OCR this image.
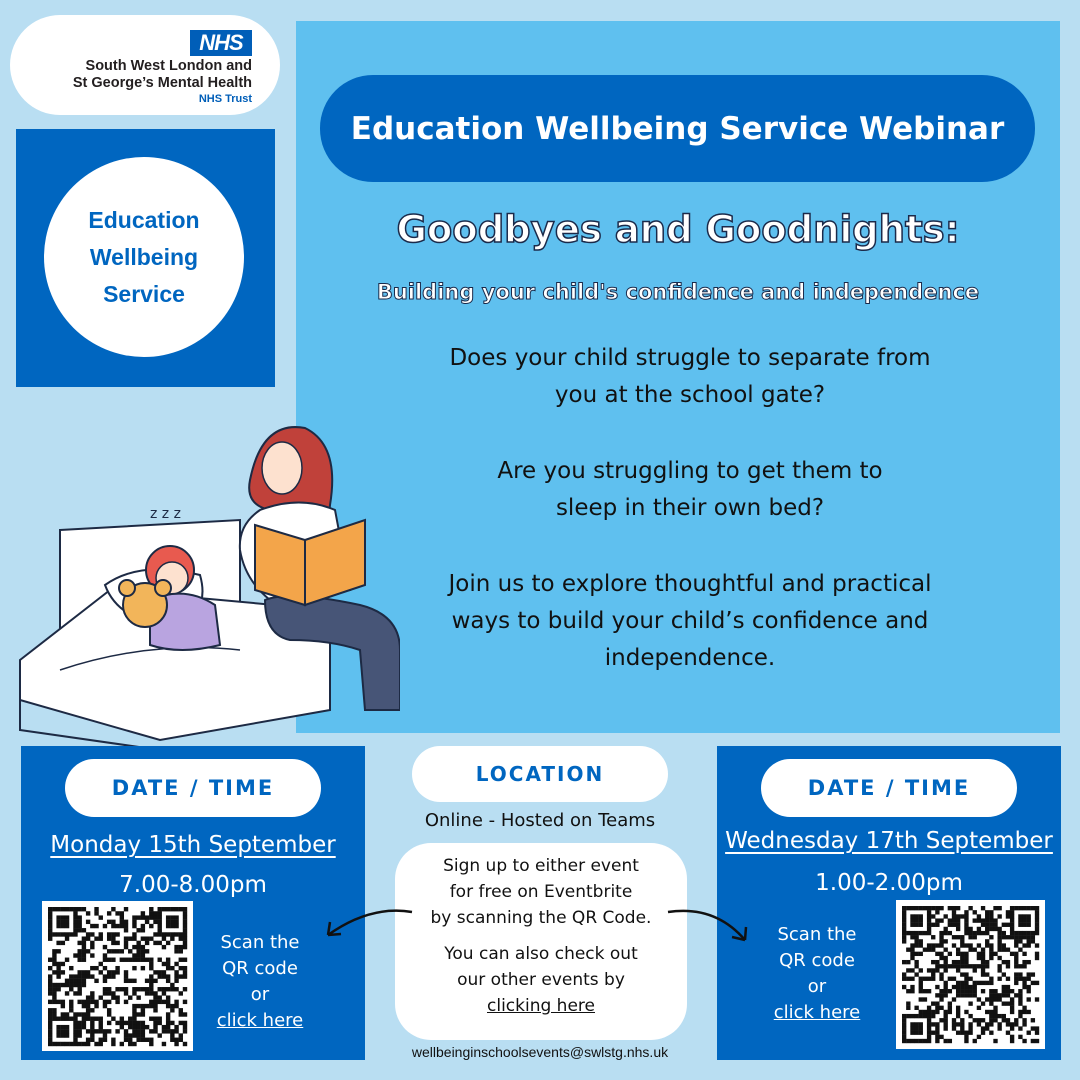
NHS
South West London and
St George’s Mental Health
NHS Trust
Education
Wellbeing
Service
Education Wellbeing Service Webinar
Goodbyes and Goodnights:
Building your child's confidence and independence
Does your child struggle to separate from
you at the school gate?
Are you struggling to get them to
sleep in their own bed?
Join us to explore thoughtful and practical
ways to build your child’s confidence and
independence.
z z z
DATE / TIME
Monday 15th September
7.00-8.00pm
Scan the
QR code
or
click here
LOCATION
Online - Hosted on Teams
Sign up to either event
for free on Eventbrite
by scanning the QR Code.
You can also check out
our other events by
clicking here
wellbeinginschoolsevents@swlstg.nhs.uk
DATE / TIME
Wednesday 17th September
1.00-2.00pm
Scan the
QR code
or
click here
